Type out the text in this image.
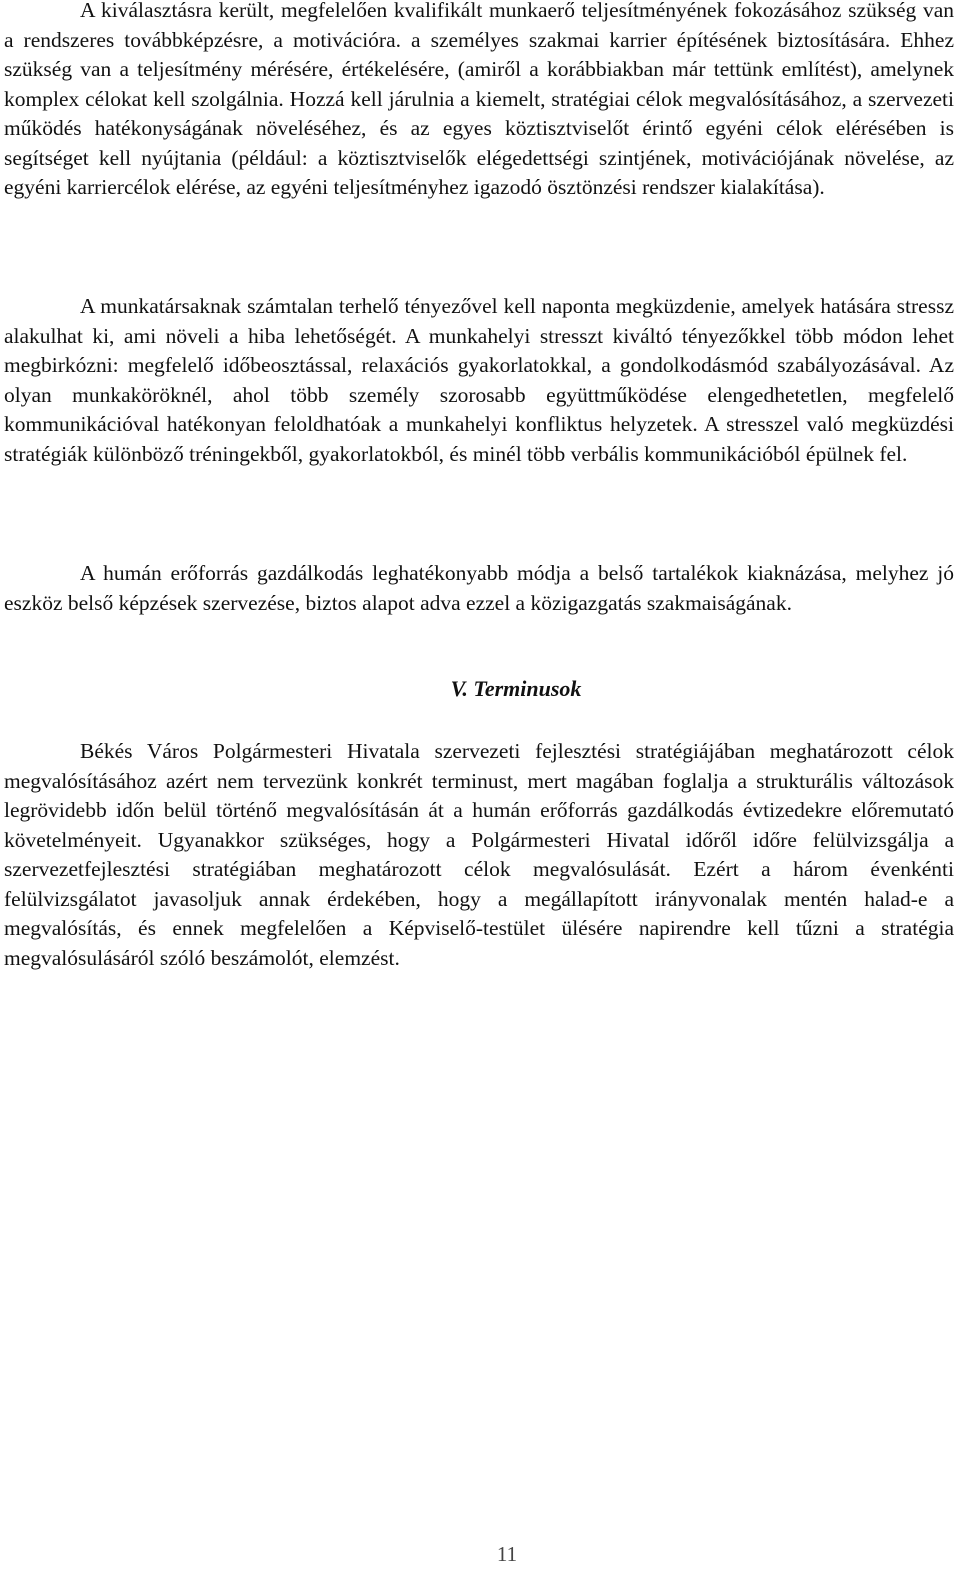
A kiválasztásra került, megfelelően kvalifikált munkaerő teljesítményének fokozásához szükség van a rendszeres továbbképzésre, a motivációra. a személyes szakmai karrier építésének biztosítására. Ehhez szükség van a teljesítmény mérésére, értékelésére, (amiről a korábbiakban már tettünk említést), amelynek komplex célokat kell szolgálnia. Hozzá kell járulnia a kiemelt, stratégiai célok megvalósításához, a szervezeti működés hatékonyságának növeléséhez, és az egyes köztisztviselőt érintő egyéni célok elérésében is segítséget kell nyújtania (például: a köztisztviselők elégedettségi szintjének, motivációjának növelése, az egyéni karriercélok elérése, az egyéni teljesítményhez igazodó ösztönzési rendszer kialakítása).

A munkatársaknak számtalan terhelő tényezővel kell naponta megküzdenie, amelyek hatására stressz alakulhat ki, ami növeli a hiba lehetőségét. A munkahelyi stresszt kiváltó tényezőkkel több módon lehet megbirkózni: megfelelő időbeosztással, relaxációs gyakorlatokkal, a gondolkodásmód szabályozásával. Az olyan munkaköröknél, ahol több személy szorosabb együttműködése elengedhetetlen, megfelelő kommunikációval hatékonyan feloldhatóak a munkahelyi konfliktus helyzetek. A stresszel való megküzdési stratégiák különböző tréningekből, gyakorlatokból, és minél több verbális kommunikációból épülnek fel.

A humán erőforrás gazdálkodás leghatékonyabb módja a belső tartalékok kiaknázása, melyhez jó eszköz belső képzések szervezése, biztos alapot adva ezzel a közigazgatás szakmaiságának.

V. Terminusok

Békés Város Polgármesteri Hivatala szervezeti fejlesztési stratégiájában meghatározott célok megvalósításához azért nem tervezünk konkrét terminust, mert magában foglalja a strukturális változások legrövidebb időn belül történő megvalósításán át a humán erőforrás gazdálkodás évtizedekre előremutató követelményeit. Ugyanakkor szükséges, hogy a Polgármesteri Hivatal időről időre felülvizsgálja a szervezetfejlesztési stratégiában meghatározott célok megvalósulását. Ezért a három évenkénti felülvizsgálatot javasoljuk annak érdekében, hogy a megállapított irányvonalak mentén halad-e a megvalósítás, és ennek megfelelően a Képviselő-testület ülésére napirendre kell tűzni a stratégia megvalósulásáról szóló beszámolót, elemzést.

11
